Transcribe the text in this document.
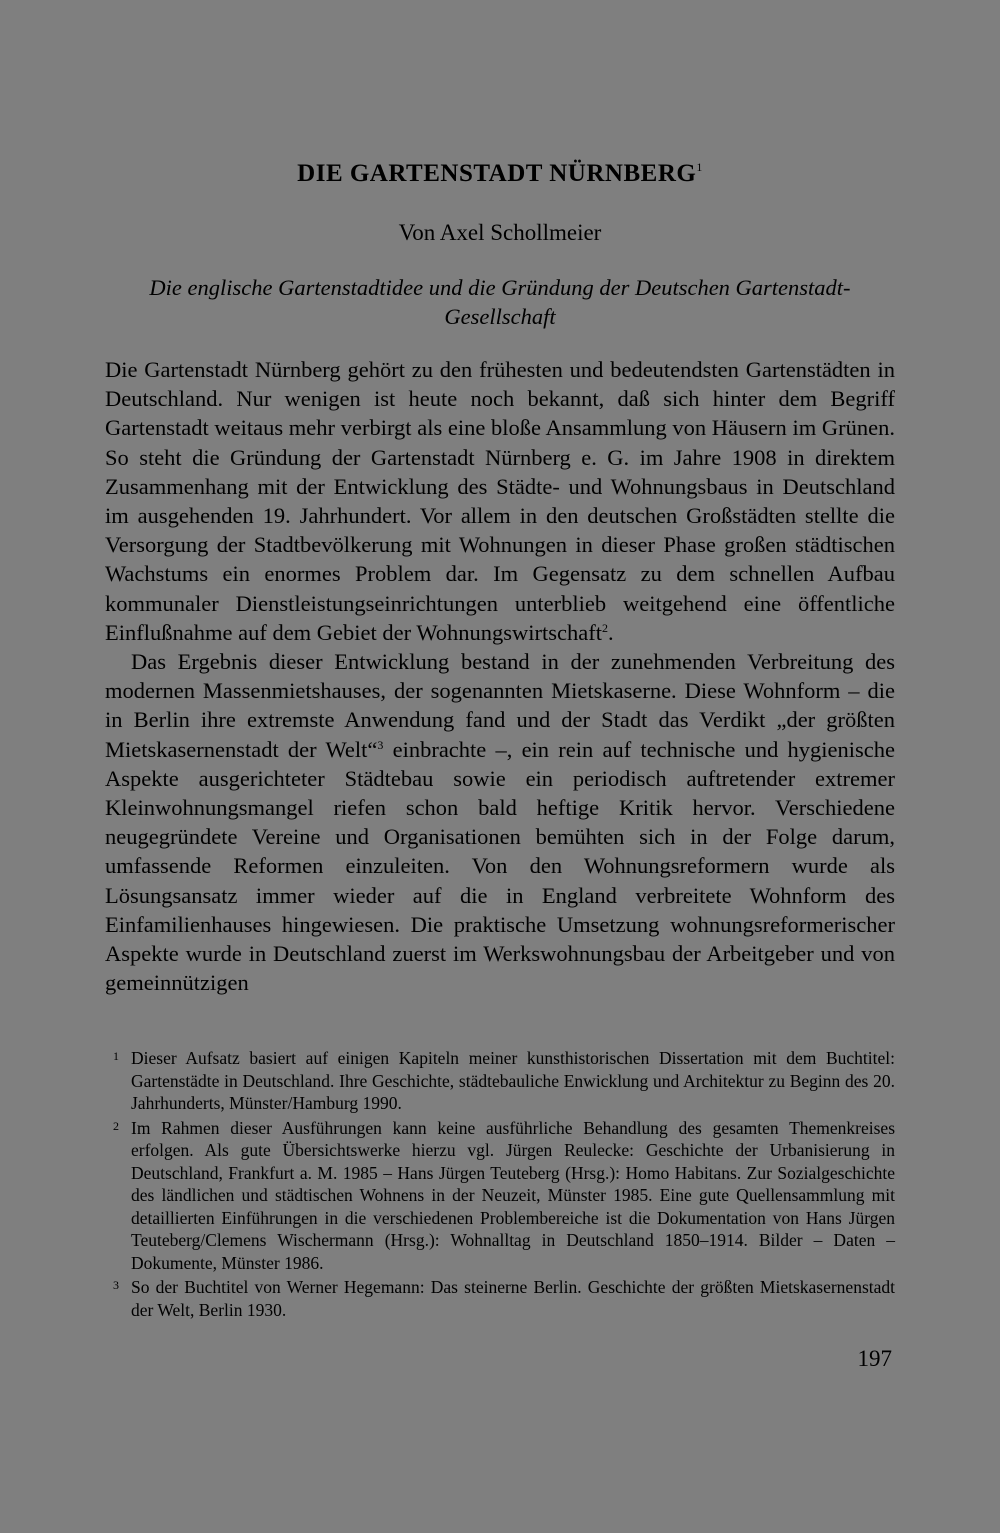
DIE GARTENSTADT NÜRNBERG$^1$
Von Axel Schollmeier
Die englische Gartenstadtidee und die Gründung der Deutschen Gartenstadt-
Gesellschaft

Die Gartenstadt Nürnberg gehört zu den frühesten und bedeutendsten Gartenstädten in Deutschland. Nur wenigen ist heute noch bekannt, daß sich hinter dem Begriff Gartenstadt weitaus mehr verbirgt als eine bloße Ansammlung von Häusern im Grünen. So steht die Gründung der Gartenstadt Nürnberg e. G. im Jahre 1908 in direktem Zusammenhang mit der Entwicklung des Städte- und Wohnungsbaus in Deutschland im ausgehenden 19. Jahrhundert. Vor allem in den deutschen Großstädten stellte die Versorgung der Stadtbevölkerung mit Wohnungen in dieser Phase großen städtischen Wachstums ein enormes Problem dar. Im Gegensatz zu dem schnellen Aufbau kommunaler Dienstleistungseinrichtungen unterblieb weitgehend eine öffentliche Einflußnahme auf dem Gebiet der Wohnungswirtschaft$^2$.

Das Ergebnis dieser Entwicklung bestand in der zunehmenden Verbreitung des modernen Massenmietshauses, der sogenannten Mietskaserne. Diese Wohnform – die in Berlin ihre extremste Anwendung fand und der Stadt das Verdikt „der größten Mietskasernenstadt der Welt“$^3$ einbrachte –, ein rein auf technische und hygienische Aspekte ausgerichteter Städtebau sowie ein periodisch auftretender extremer Kleinwohnungsmangel riefen schon bald heftige Kritik hervor. Verschiedene neugegründete Vereine und Organisationen bemühten sich in der Folge darum, umfassende Reformen einzuleiten. Von den Wohnungsreformern wurde als Lösungsansatz immer wieder auf die in England verbreitete Wohnform des Einfamilienhauses hingewiesen. Die praktische Umsetzung wohnungsreformerischer Aspekte wurde in Deutschland zuerst im Werkswohnungsbau der Arbeitgeber und von gemeinnützigen

1 Dieser Aufsatz basiert auf einigen Kapiteln meiner kunsthistorischen Dissertation mit dem Buchtitel: Gartenstädte in Deutschland. Ihre Geschichte, städtebauliche Enwicklung und Architektur zu Beginn des 20. Jahrhunderts, Münster/Hamburg 1990.
2 Im Rahmen dieser Ausführungen kann keine ausführliche Behandlung des gesamten Themenkreises erfolgen. Als gute Übersichtswerke hierzu vgl. Jürgen Reulecke: Geschichte der Urbanisierung in Deutschland, Frankfurt a. M. 1985 – Hans Jürgen Teuteberg (Hrsg.): Homo Habitans. Zur Sozialgeschichte des ländlichen und städtischen Wohnens in der Neuzeit, Münster 1985. Eine gute Quellensammlung mit detaillierten Einführungen in die verschiedenen Problembereiche ist die Dokumentation von Hans Jürgen Teuteberg/Clemens Wischermann (Hrsg.): Wohnalltag in Deutschland 1850–1914. Bilder – Daten – Dokumente, Münster 1986.
3 So der Buchtitel von Werner Hegemann: Das steinerne Berlin. Geschichte der größten Mietskasernenstadt der Welt, Berlin 1930.
197
